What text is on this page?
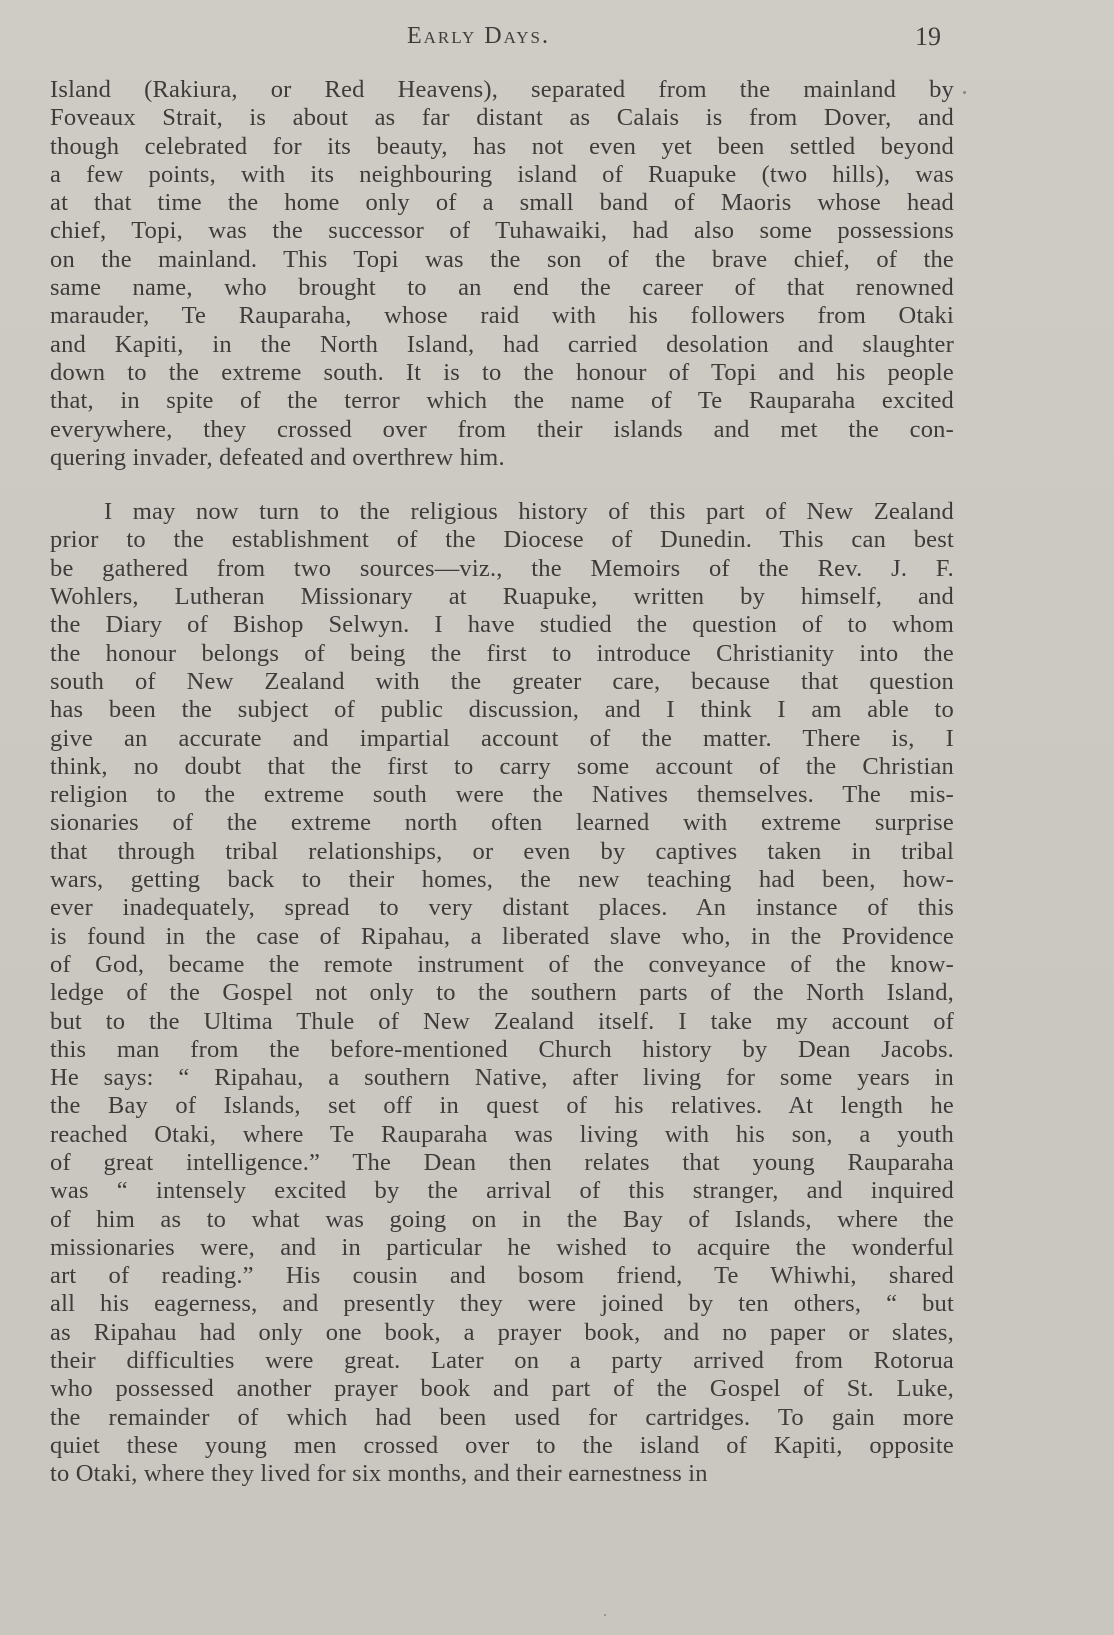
Early Days.	19
Island (Rakiura, or Red Heavens), separated from the mainland by
Foveaux Strait, is about as far distant as Calais is from Dover, and
though celebrated for its beauty, has not even yet been settled beyond
a few points, with its neighbouring island of Ruapuke (two hills), was
at that time the home only of a small band of Maoris whose head
chief, Topi, was the successor of Tuhawaiki, had also some possessions
on the mainland. This Topi was the son of the brave chief, of the
same name, who brought to an end the career of that renowned
marauder, Te Rauparaha, whose raid with his followers from Otaki
and Kapiti, in the North Island, had carried desolation and slaughter
down to the extreme south. It is to the honour of Topi and his people
that, in spite of the terror which the name of Te Rauparaha excited
everywhere, they crossed over from their islands and met the con-
quering invader, defeated and overthrew him.
I may now turn to the religious history of this part of New Zealand
prior to the establishment of the Diocese of Dunedin. This can best
be gathered from two sources—viz., the Memoirs of the Rev. J. F.
Wohlers, Lutheran Missionary at Ruapuke, written by himself, and
the Diary of Bishop Selwyn. I have studied the question of to whom
the honour belongs of being the first to introduce Christianity into the
south of New Zealand with the greater care, because that question
has been the subject of public discussion, and I think I am able to
give an accurate and impartial account of the matter. There is, I
think, no doubt that the first to carry some account of the Christian
religion to the extreme south were the Natives themselves. The mis-
sionaries of the extreme north often learned with extreme surprise
that through tribal relationships, or even by captives taken in tribal
wars, getting back to their homes, the new teaching had been, how-
ever inadequately, spread to very distant places. An instance of this
is found in the case of Ripahau, a liberated slave who, in the Providence
of God, became the remote instrument of the conveyance of the know-
ledge of the Gospel not only to the southern parts of the North Island,
but to the Ultima Thule of New Zealand itself. I take my account of
this man from the before-mentioned Church history by Dean Jacobs.
He says: “ Ripahau, a southern Native, after living for some years in
the Bay of Islands, set off in quest of his relatives. At length he
reached Otaki, where Te Rauparaha was living with his son, a youth
of great intelligence.” The Dean then relates that young Rauparaha
was “ intensely excited by the arrival of this stranger, and inquired
of him as to what was going on in the Bay of Islands, where the
missionaries were, and in particular he wished to acquire the wonderful
art of reading.” His cousin and bosom friend, Te Whiwhi, shared
all his eagerness, and presently they were joined by ten others, “ but
as Ripahau had only one book, a prayer book, and no paper or slates,
their difficulties were great. Later on a party arrived from Rotorua
who possessed another prayer book and part of the Gospel of St. Luke,
the remainder of which had been used for cartridges. To gain more
quiet these young men crossed over to the island of Kapiti, opposite
to Otaki, where they lived for six months, and their earnestness in
